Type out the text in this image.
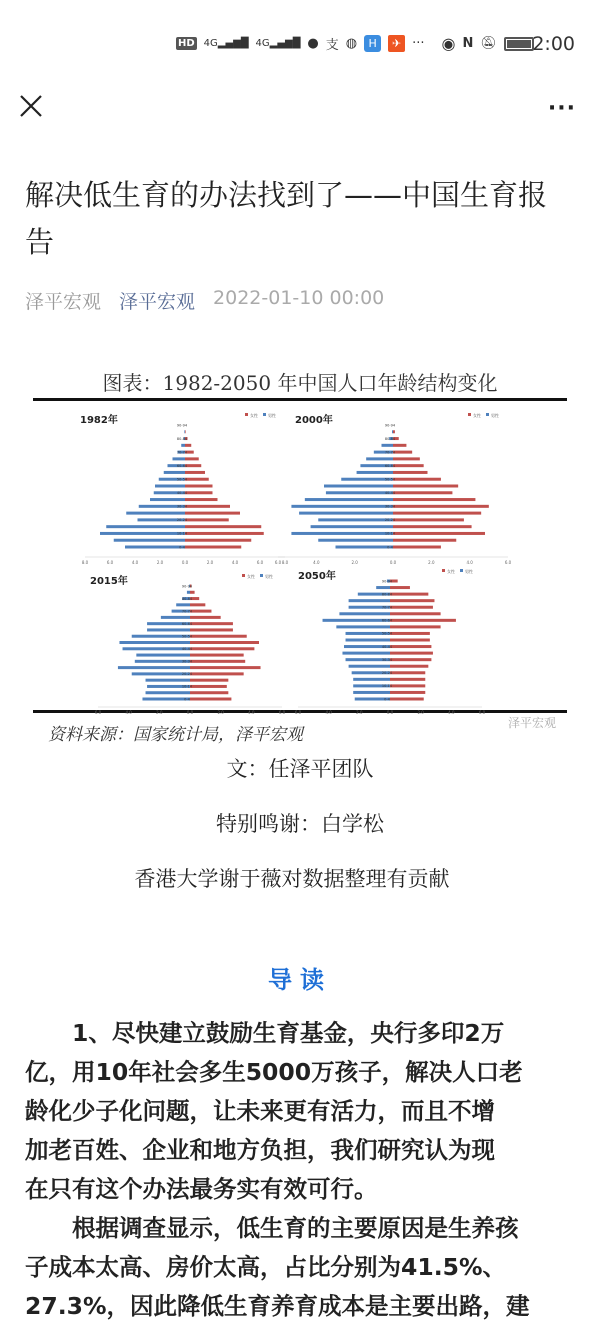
HD 4G▂▄▆█ 4G▂▄▆█ ● 支 ◍	H	✈ ··· ◉ N 🔕︎ 2:00
···
解决低生育的办法找到了——中国生育报告
泽平宏观 泽平宏观 2022-01-10 00:00
图表：1982-2050 年中国人口年龄结构变化
资料来源：国家统计局，泽平宏观
泽平宏观
1982年	女性	男性
8.0	6.0	4.0	2.0	0.0	2.0	4.0	6.0	8.0
0-4
10-14
20-24
30-34
40-44
50-54
60-64
70-74
80-84
90-94	2000年	女性	男性
6.0	4.0	2.0	0.0	2.0	4.0	6.0
0-4
10-14
20-24
30-34
40-44
50-54
60-64
70-74
80-84
90-94
2015年	女性	男性
6.0	4.0	2.0	0.0	2.0	4.0	6.0
0-4
10-14
20-24
30-34
40-44
50-54
60-64
70-74
80-84
90-94
2050年	女性	男性
6.0	4.0	2.0	0.0	2.0	4.0	6.0
0-4
10-14
20-24
30-34
40-44
50-54
60-64
70-74
80-84
90-94
文：任泽平团队
特别鸣谢：白学松
香港大学谢于薇对数据整理有贡献
导读
　　1、尽快建立鼓励生育基金，央行多印2万
亿，用10年社会多生5000万孩子，解决人口老
龄化少子化问题，让未来更有活力，而且不增
加老百姓、企业和地方负担，我们研究认为现
在只有这个办法最务实有效可行。
　　根据调查显示，低生育的主要原因是生养孩
子成本太高、房价太高，占比分别为41.5%、
27.3%，因此降低生育养育成本是主要出路，建
